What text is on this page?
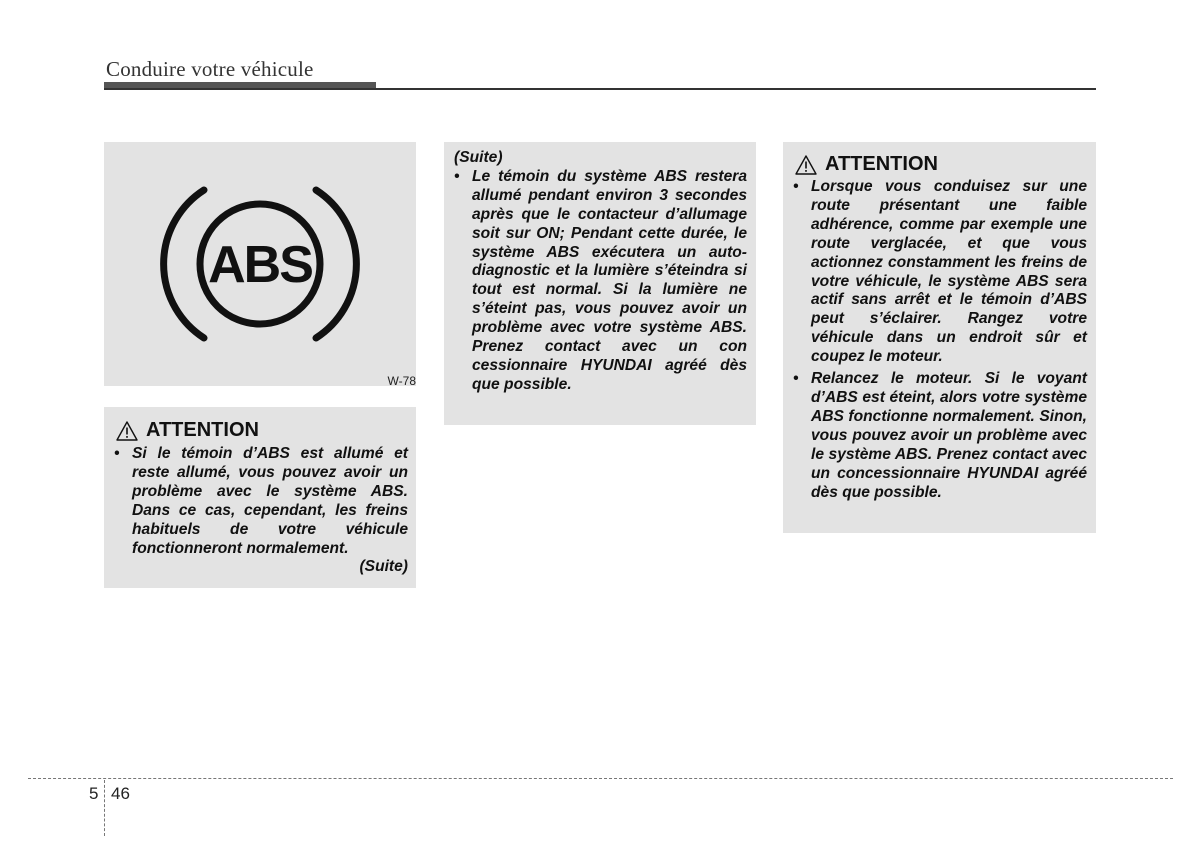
Conduire votre véhicule
ABS
W-78
ATTENTION
• Si le témoin d’ABS est allumé et reste allumé, vous pouvez avoir un problème avec le système ABS. Dans ce cas, cependant, les freins habituels de votre véhicule fonctionneront normalement.
(Suite)
(Suite)
• Le témoin du système ABS restera allumé pendant environ 3 secondes après que le contacteur d’allumage soit sur ON; Pendant cette durée, le système ABS exécutera un auto-diagnostic et la lumière s’éteindra si tout est normal. Si la lumière ne s’éteint pas, vous pouvez avoir un problème avec votre système ABS. Prenez contact avec un con cessionnaire HYUNDAI agréé dès que possible.
ATTENTION
• Lorsque vous conduisez sur une route présentant une faible adhérence, comme par exemple une route verglacée, et que vous actionnez constamment les freins de votre véhicule, le système ABS sera actif sans arrêt et le témoin d’ABS peut s’éclairer. Rangez votre véhicule dans un endroit sûr et coupez le moteur.
• Relancez le moteur. Si le voyant d’ABS est éteint, alors votre système ABS fonctionne normalement. Sinon, vous pouvez avoir un problème avec le système ABS. Prenez contact avec un concessionnaire HYUNDAI agréé dès que possible.
5 46
